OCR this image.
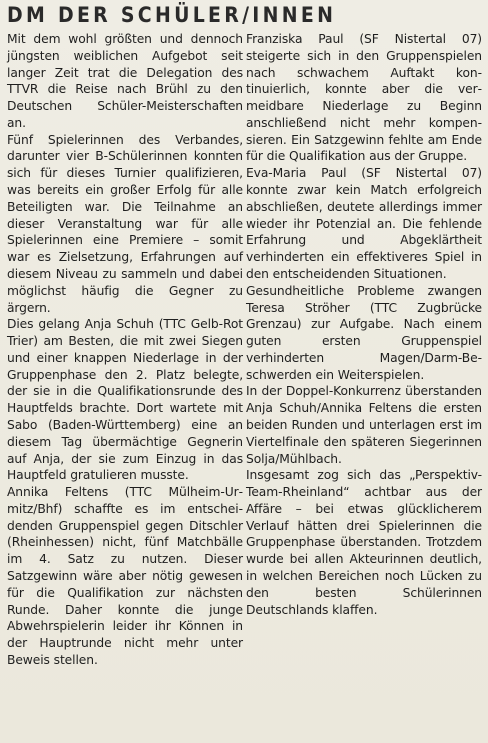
DM DER SCHÜLER/INNEN

Mit dem wohl größten und dennoch jüngsten weiblichen Aufgebot seit langer Zeit trat die Delegation des TTVR die Reise nach Brühl zu den Deutschen Schüler-Meisterschaften an.

Fünf Spielerinnen des Verbandes, darunter vier B-Schülerinnen konnten sich für dieses Turnier qualifizieren, was bereits ein großer Erfolg für alle Beteiligten war. Die Teilnahme an dieser Veranstaltung war für alle Spielerinnen eine Premiere – somit war es Zielsetzung, Erfahrungen auf diesem Niveau zu sammeln und dabei möglichst häufig die Gegner zu ärgern.

Dies gelang Anja Schuh (TTC Gelb-Rot Trier) am Besten, die mit zwei Siegen und einer knappen Niederlage in der Gruppenphase den 2. Platz belegte, der sie in die Qualifikationsrunde des Hauptfelds brachte. Dort wartete mit Sabo (Baden-Württemberg) eine an diesem Tag übermächtige Gegnerin auf Anja, der sie zum Einzug in das Hauptfeld gratulieren musste.

Annika Feltens (TTC Mülheim-Urmitz/Bhf) schaffte es im entscheidenden Gruppenspiel gegen Ditschler (Rheinhessen) nicht, fünf Matchbälle im 4. Satz zu nutzen. Dieser Satzgewinn wäre aber nötig gewesen für die Qualifikation zur nächsten Runde. Daher konnte die junge Abwehrspielerin leider ihr Können in der Hauptrunde nicht mehr unter Beweis stellen.

Franziska Paul (SF Nistertal 07) steigerte sich in den Gruppenspielen nach schwachem Auftakt kontinuierlich, konnte aber die vermeidbare Niederlage zu Beginn anschließend nicht mehr kompensieren. Ein Satzgewinn fehlte am Ende für die Qualifikation aus der Gruppe.

Eva-Maria Paul (SF Nistertal 07) konnte zwar kein Match erfolgreich abschließen, deutete allerdings immer wieder ihr Potenzial an. Die fehlende Erfahrung und Abgeklärtheit verhinderten ein effektiveres Spiel in den entscheidenden Situationen.

Gesundheitliche Probleme zwangen Teresa Ströher (TTC Zugbrücke Grenzau) zur Aufgabe. Nach einem guten ersten Gruppenspiel verhinderten Magen/Darm-Beschwerden ein Weiterspielen.

In der Doppel-Konkurrenz überstanden Anja Schuh/Annika Feltens die ersten beiden Runden und unterlagen erst im Viertelfinale den späteren Siegerinnen Solja/Mühlbach.

Insgesamt zog sich das „Perspektiv-Team-Rheinland“ achtbar aus der Affäre – bei etwas glücklicherem Verlauf hätten drei Spielerinnen die Gruppenphase überstanden. Trotzdem wurde bei allen Akteurinnen deutlich, in welchen Bereichen noch Lücken zu den besten Schülerinnen Deutschlands klaffen.
